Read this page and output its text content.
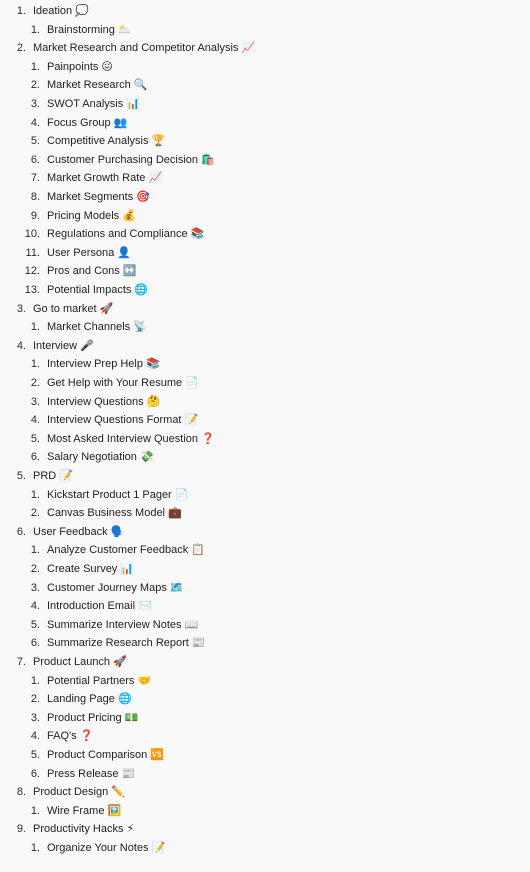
1. Ideation 💭
1. Brainstorming 🌥️
2. Market Research and Competitor Analysis 📈
1. Painpoints 😖
2. Market Research 🔍
3. SWOT Analysis 📊
4. Focus Group 👥
5. Competitive Analysis 🏆
6. Customer Purchasing Decision 🛍️
7. Market Growth Rate 📈
8. Market Segments 🎯
9. Pricing Models 💰
10. Regulations and Compliance 📚
11. User Persona 👤
12. Pros and Cons ↔️
13. Potential Impacts 🌐
3. Go to market 🚀
1. Market Channels 📡
4. Interview 🎤
1. Interview Prep Help 📚
2. Get Help with Your Resume 📄
3. Interview Questions 🤔
4. Interview Questions Format 📝
5. Most Asked Interview Question ❓
6. Salary Negotiation 💸
5. PRD 📝
1. Kickstart Product 1 Pager 📄
2. Canvas Business Model 💼
6. User Feedback 🗣️
1. Analyze Customer Feedback 📋
2. Create Survey 📊
3. Customer Journey Maps 🗺️
4. Introduction Email ✉️
5. Summarize Interview Notes 📖
6. Summarize Research Report 📰
7. Product Launch 🚀
1. Potential Partners 🤝
2. Landing Page 🌐
3. Product Pricing 💵
4. FAQ's ❓
5. Product Comparison 🆚
6. Press Release 📰
8. Product Design ✏️
1. Wire Frame 🖼️
9. Productivity Hacks ⚡
1. Organize Your Notes 📝
